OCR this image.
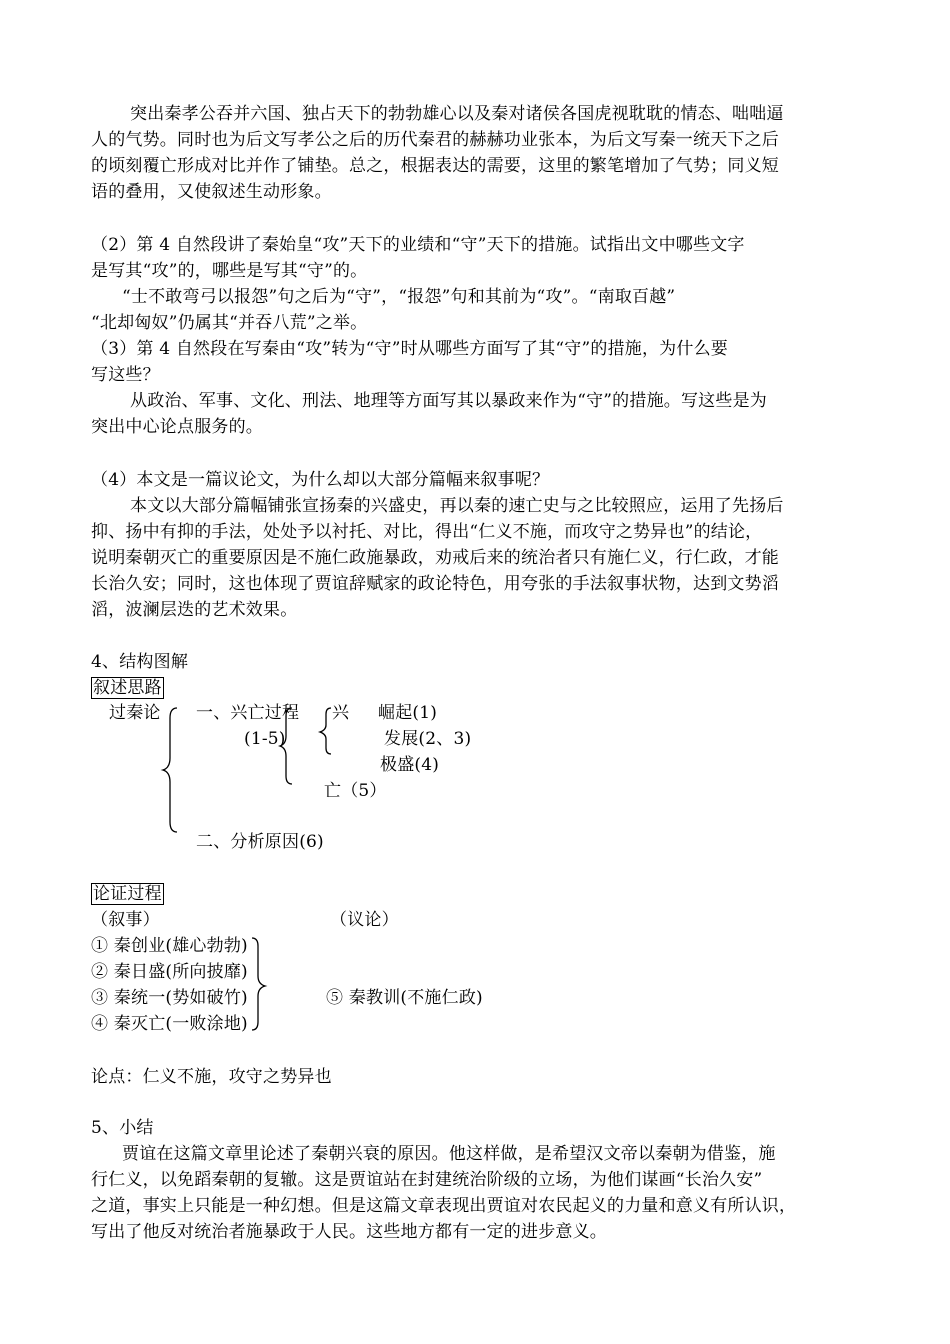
突出秦孝公吞并六国、独占天下的勃勃雄心以及秦对诸侯各国虎视耽耽的情态、咄咄逼
人的气势。同时也为后文写孝公之后的历代秦君的赫赫功业张本，为后文写秦一统天下之后
的顷刻覆亡形成对比并作了铺垫。总之，根据表达的需要，这里的繁笔增加了气势；同义短
语的叠用，又使叙述生动形象。
（2）第 4 自然段讲了秦始皇“攻”天下的业绩和“守”天下的措施。试指出文中哪些文字
是写其“攻”的，哪些是写其“守”的。
“士不敢弯弓以报怨”句之后为“守”，“报怨”句和其前为“攻”。“南取百越”
“北却匈奴”仍属其“并吞八荒”之举。
（3）第 4 自然段在写秦由“攻”转为“守”时从哪些方面写了其“守”的措施，为什么要
写这些？
从政治、军事、文化、刑法、地理等方面写其以暴政来作为“守”的措施。写这些是为
突出中心论点服务的。
（4）本文是一篇议论文，为什么却以大部分篇幅来叙事呢？
本文以大部分篇幅铺张宣扬秦的兴盛史，再以秦的速亡史与之比较照应，运用了先扬后
抑、扬中有抑的手法，处处予以衬托、对比，得出“仁义不施，而攻守之势异也”的结论，
说明秦朝灭亡的重要原因是不施仁政施暴政，劝戒后来的统治者只有施仁义，行仁政，才能
长治久安；同时，这也体现了贾谊辞赋家的政论特色，用夸张的手法叙事状物，达到文势滔
滔，波澜层迭的艺术效果。
4、结构图解
叙述思路
过秦论 一、兴亡过程
(1-5)
兴 崛起(1)
发展(2、3)
极盛(4)
亡（5）
二、分析原因(6)
论证过程
（叙事）	（议论）
① 秦创业(雄心勃勃)
② 秦日盛(所向披靡)
③ 秦统一(势如破竹)
④ 秦灭亡(一败涂地)
⑤ 秦教训(不施仁政)
论点：仁义不施，攻守之势异也
5、小结
贾谊在这篇文章里论述了秦朝兴衰的原因。他这样做，是希望汉文帝以秦朝为借鉴，施
行仁义，以免蹈秦朝的复辙。这是贾谊站在封建统治阶级的立场，为他们谋画“长治久安”
之道，事实上只能是一种幻想。但是这篇文章表现出贾谊对农民起义的力量和意义有所认识，
写出了他反对统治者施暴政于人民。这些地方都有一定的进步意义。
